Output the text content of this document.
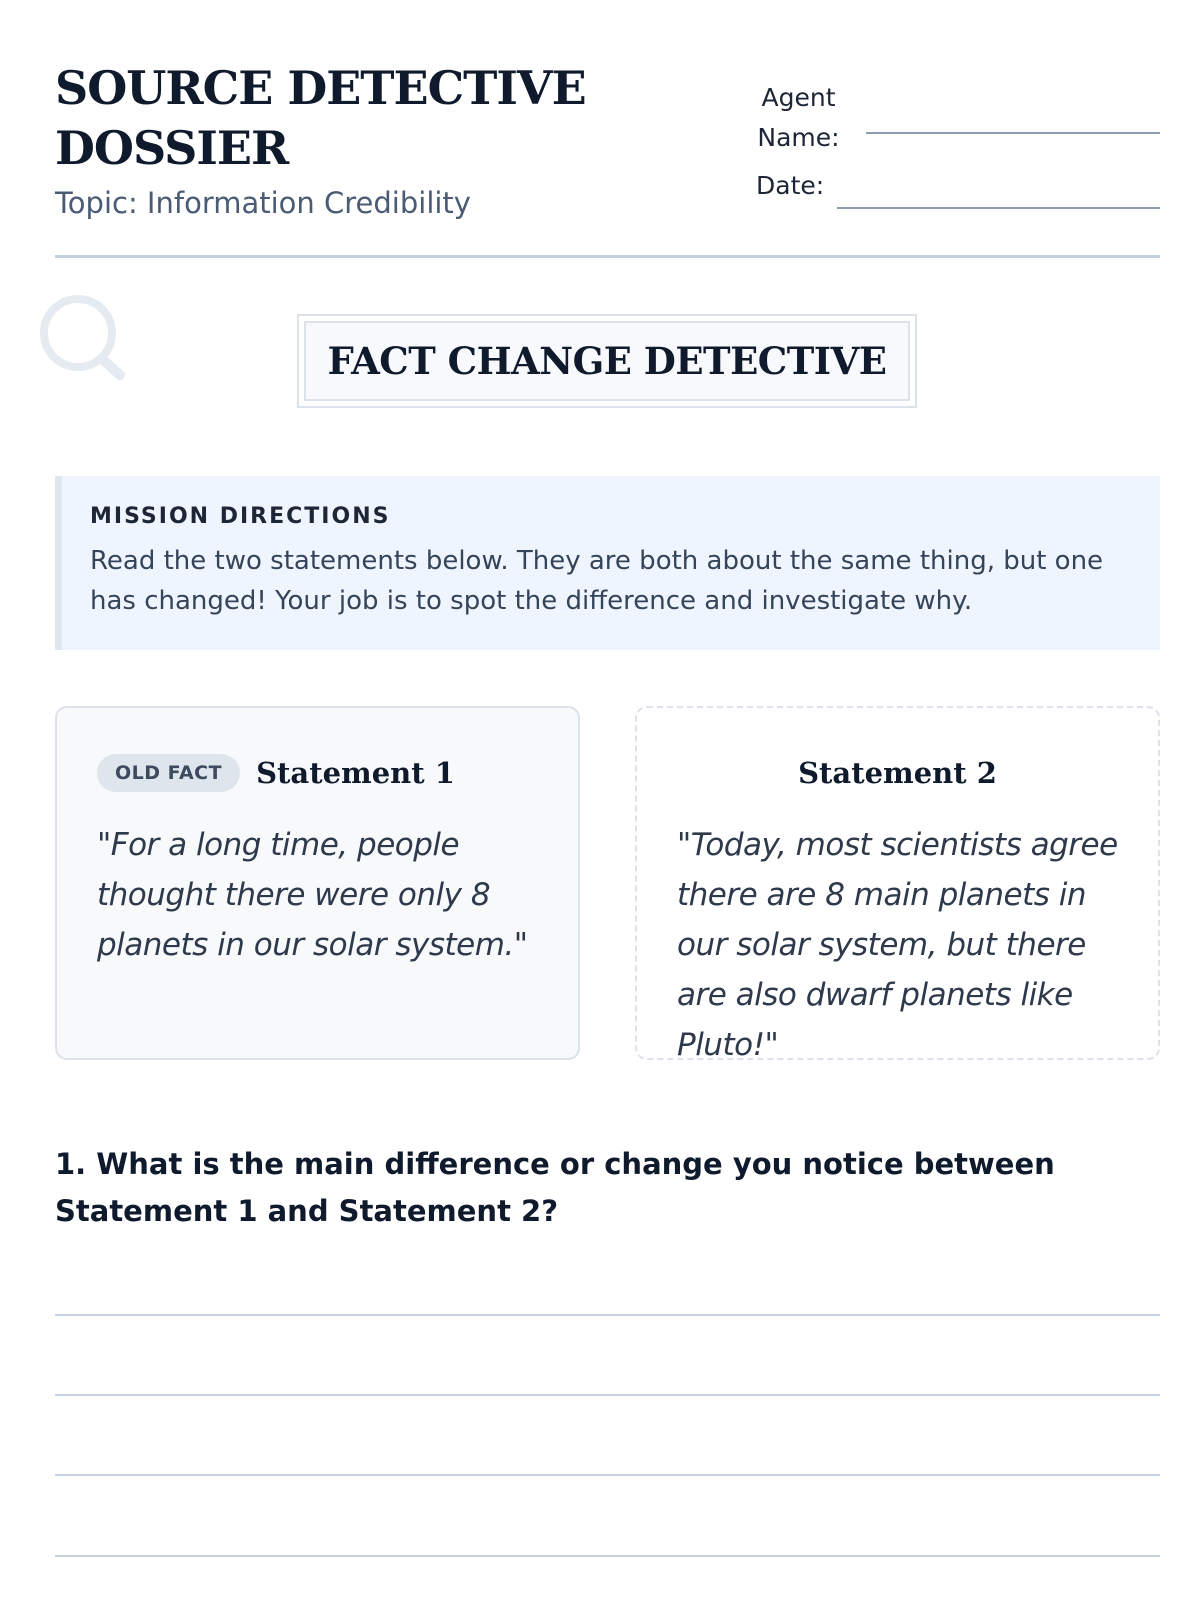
SOURCE DETECTIVE DOSSIER
Topic: Information Credibility
Agent Name:
Date:
FACT CHANGE DETECTIVE
MISSION DIRECTIONS
Read the two statements below. They are both about the same thing, but one has changed! Your job is to spot the difference and investigate why.
OLD FACT	Statement 1
"For a long time, people thought there were only 8 planets in our solar system."
Statement 2
"Today, most scientists agree there are 8 main planets in our solar system, but there are also dwarf planets like Pluto!"
1. What is the main difference or change you notice between Statement 1 and Statement 2?
